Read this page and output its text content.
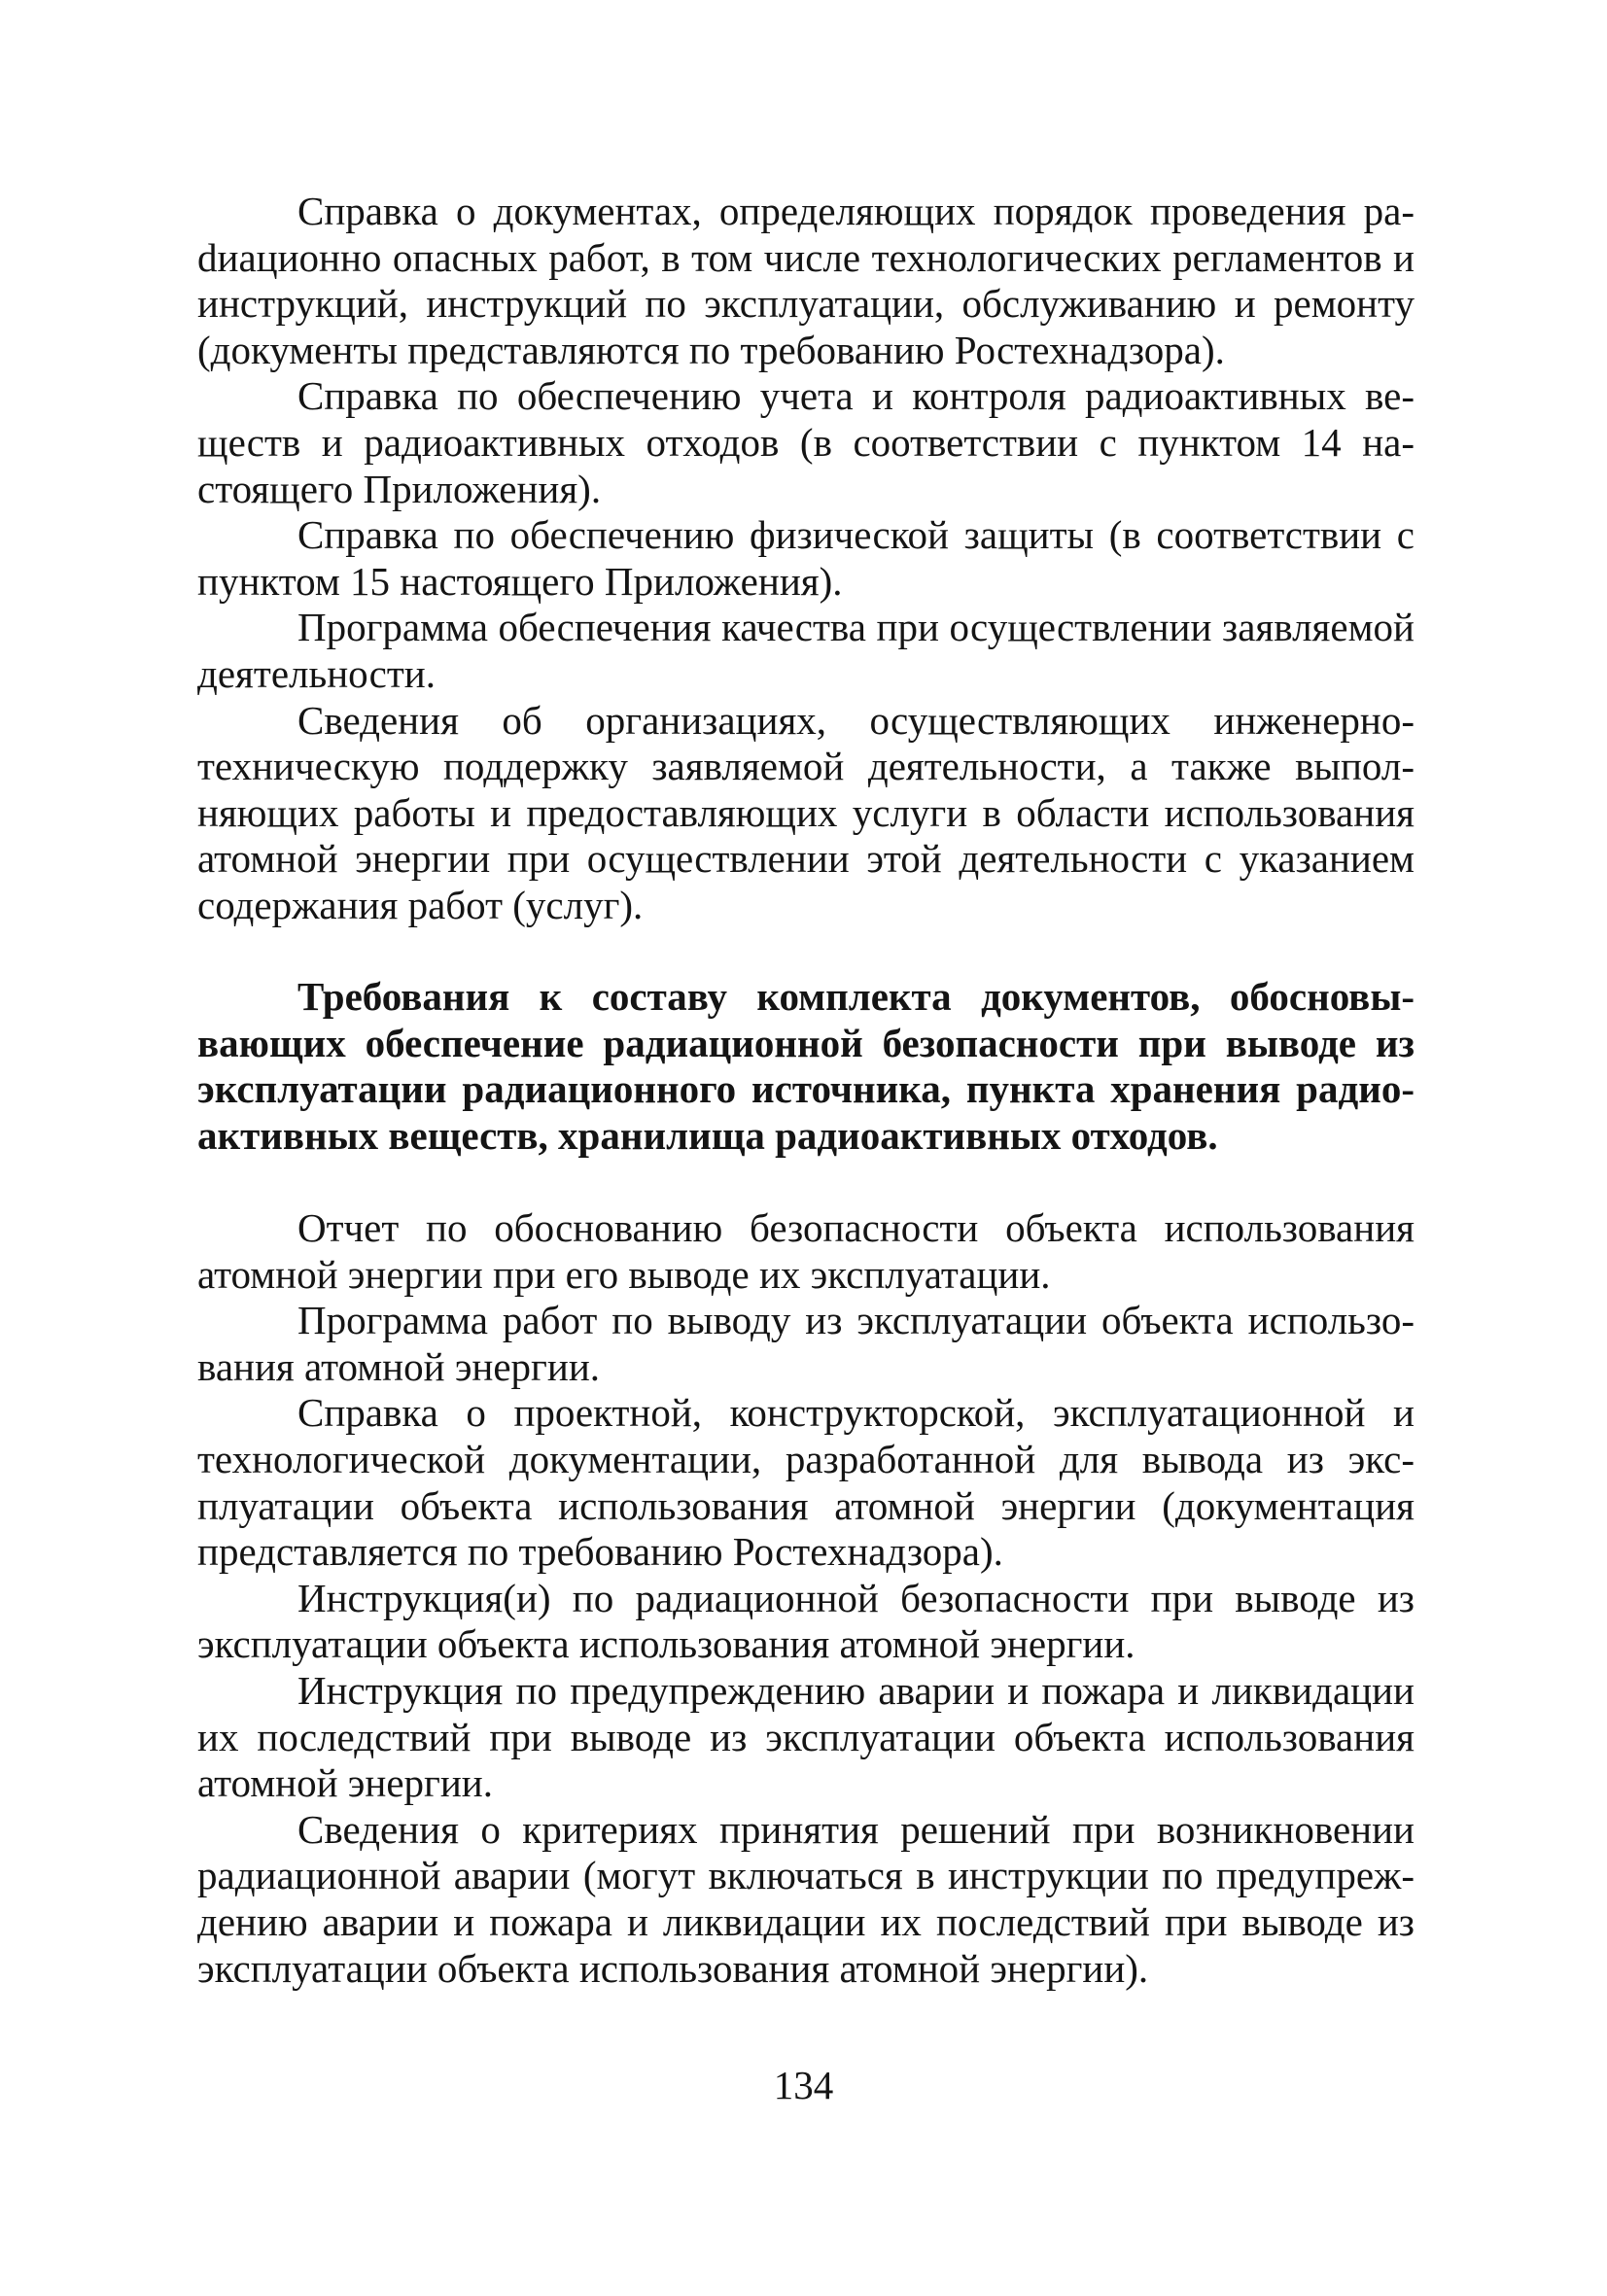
Справка о документах, определяющих порядок проведения раdиационно опасных работ, в том числе технологических регламентов и инструкций, инструкций по эксплуатации, обслуживанию и ремонту (документы представляются по требованию Ростехнадзора).

Справка по обеспечению учета и контроля радиоактивных веществ и радиоактивных отходов (в соответствии с пунктом 14 настоящего Приложения).

Справка по обеспечению физической защиты (в соответствии с пунктом 15 настоящего Приложения).

Программа обеспечения качества при осуществлении заявляемой деятельности.

Сведения об организациях, осуществляющих инженерно-техническую поддержку заявляемой деятельности, а также выполняющих работы и предоставляющих услуги в области использования атомной энергии при осуществлении этой деятельности с указанием содержания работ (услуг).

Требования к составу комплекта документов, обосновывающих обеспечение радиационной безопасности при выводе из эксплуатации радиационного источника, пункта хранения радиоактивных веществ, хранилища радиоактивных отходов.

Отчет по обоснованию безопасности объекта использования атомной энергии при его выводе их эксплуатации.

Программа работ по выводу из эксплуатации объекта использования атомной энергии.

Справка о проектной, конструкторской, эксплуатационной и технологической документации, разработанной для вывода из эксплуатации объекта использования атомной энергии (документация представляется по требованию Ростехнадзора).

Инструкция(и) по радиационной безопасности при выводе из эксплуатации объекта использования атомной энергии.

Инструкция по предупреждению аварии и пожара и ликвидации их последствий при выводе из эксплуатации объекта использования атомной энергии.

Сведения о критериях принятия решений при возникновении радиационной аварии (могут включаться в инструкции по предупреждению аварии и пожара и ликвидации их последствий при выводе из эксплуатации объекта использования атомной энергии).

134
